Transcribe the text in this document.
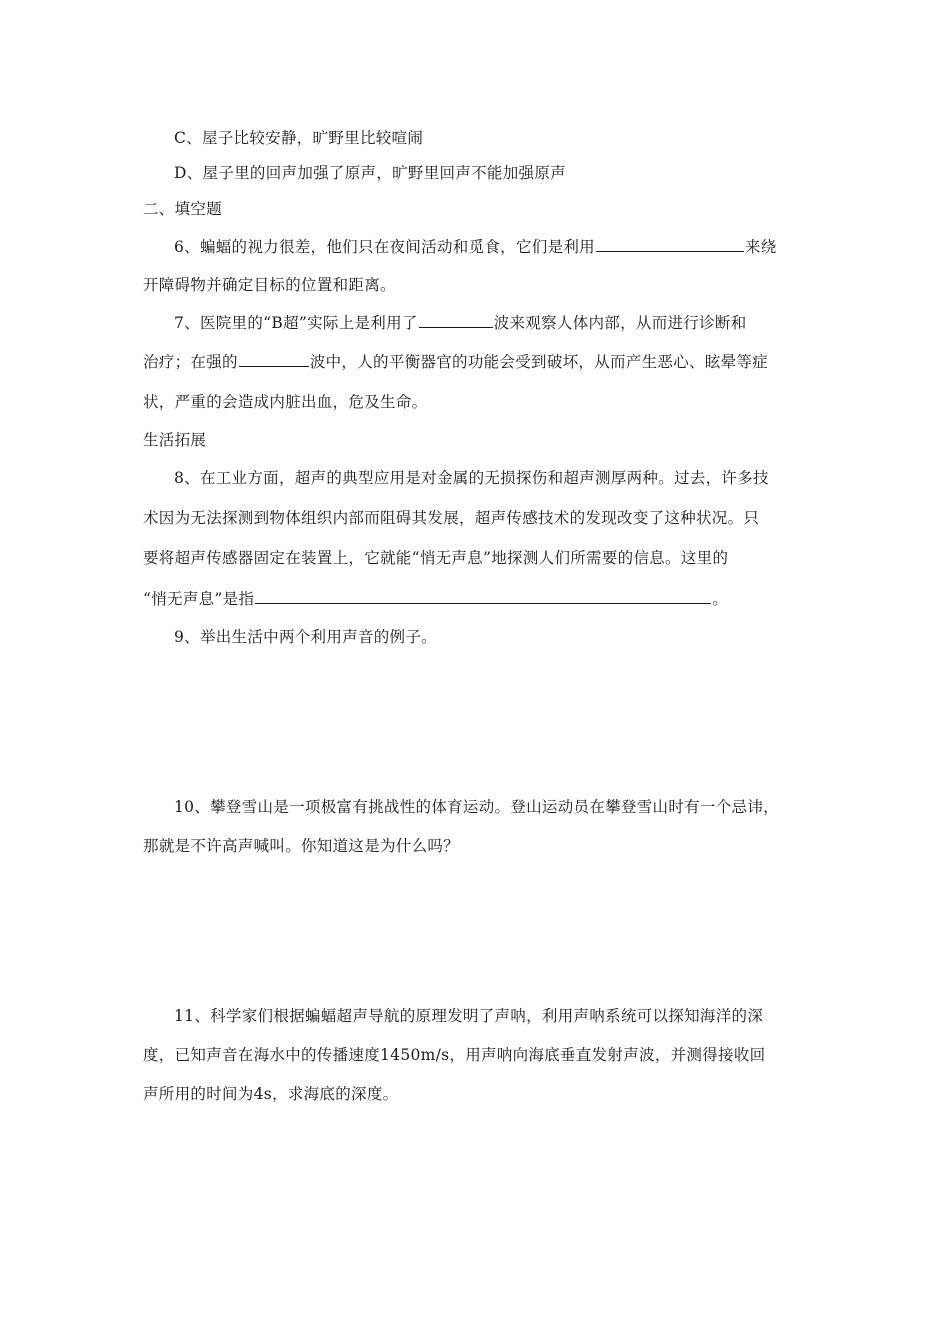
C、屋子比较安静，旷野里比较喧闹
D、屋子里的回声加强了原声，旷野里回声不能加强原声
二、填空题
6、蝙蝠的视力很差，他们只在夜间活动和觅食，它们是利用	来绕
开障碍物并确定目标的位置和距离。
7、医院里的“B超”实际上是利用了	波来观察人体内部，从而进行诊断和
治疗；在强的	波中，人的平衡器官的功能会受到破坏，从而产生恶心、眩晕等症
状，严重的会造成内脏出血，危及生命。
生活拓展
8、在工业方面，超声的典型应用是对金属的无损探伤和超声测厚两种。过去，许多技
术因为无法探测到物体组织内部而阻碍其发展，超声传感技术的发现改变了这种状况。只
要将超声传感器固定在装置上，它就能“悄无声息”地探测人们所需要的信息。这里的
“悄无声息”是指	。
9、举出生活中两个利用声音的例子。
10、攀登雪山是一项极富有挑战性的体育运动。登山运动员在攀登雪山时有一个忌讳，
那就是不许高声喊叫。你知道这是为什么吗？
11、科学家们根据蝙蝠超声导航的原理发明了声呐，利用声呐系统可以探知海洋的深
度，已知声音在海水中的传播速度1450m/s，用声呐向海底垂直发射声波，并测得接收回
声所用的时间为4s，求海底的深度。
